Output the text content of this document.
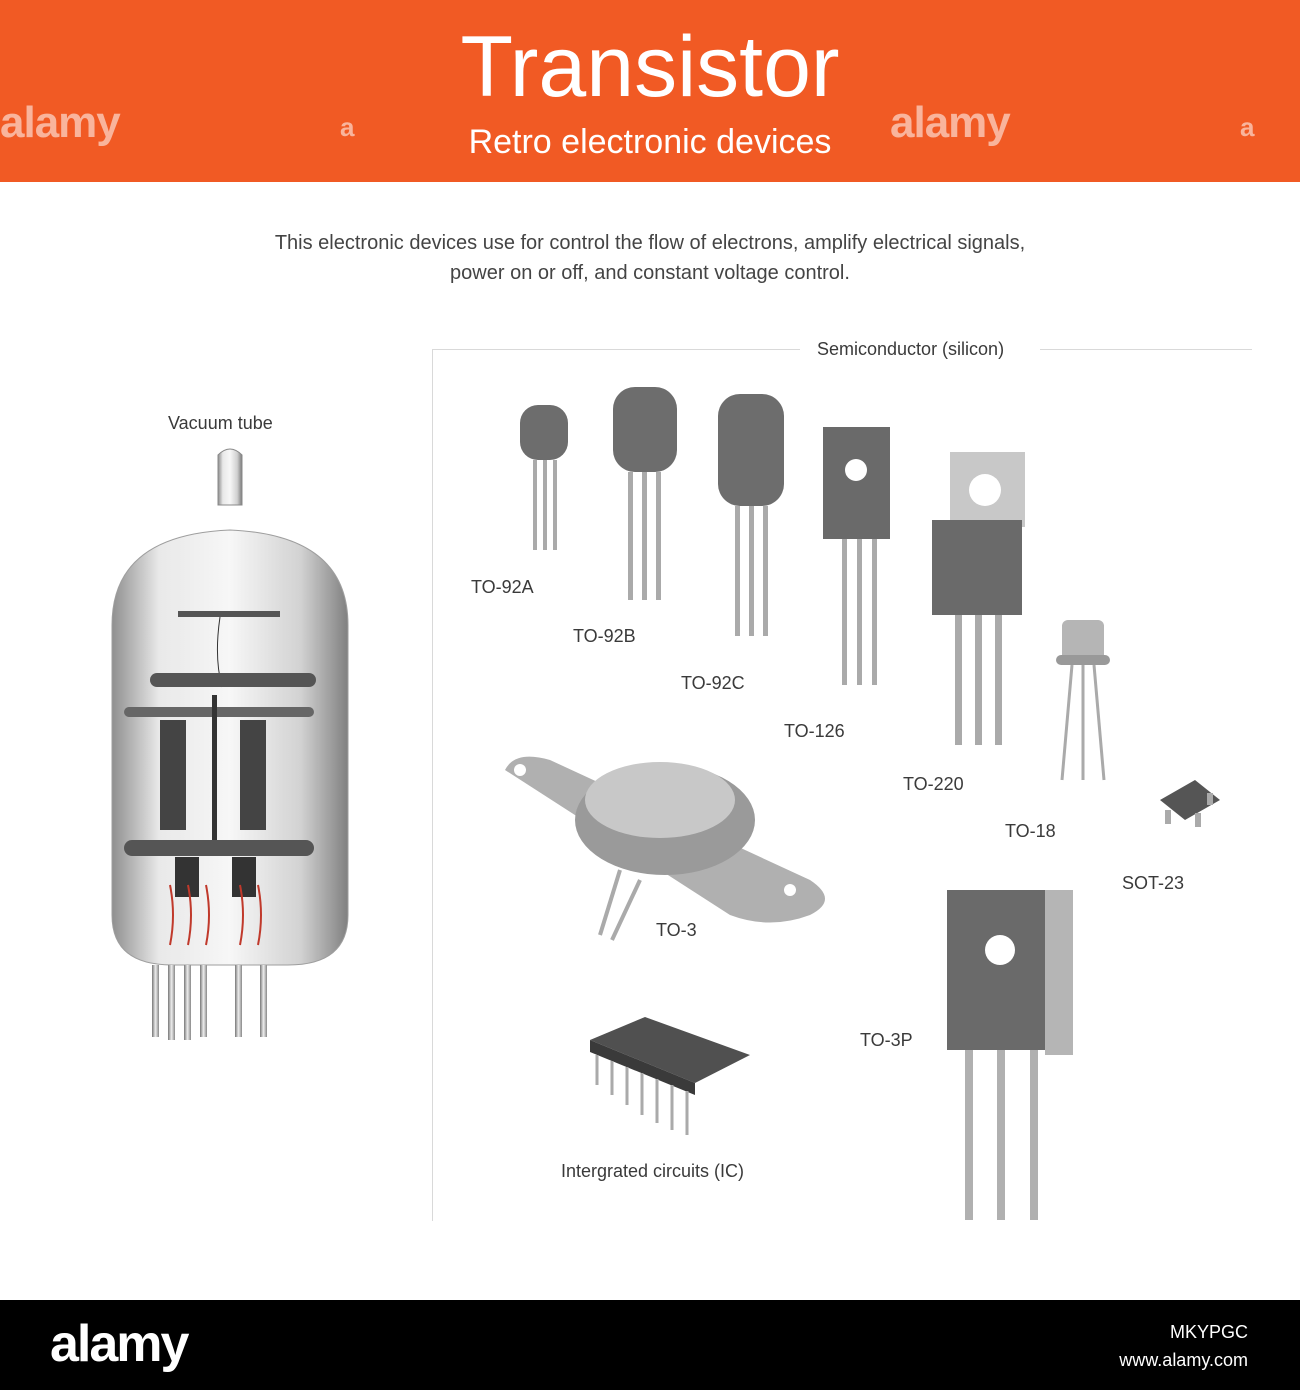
Transistor
Retro electronic devices
alamy	alamy
a	a
This electronic devices use for control the flow of electrons, amplify electrical signals, power on or off, and constant voltage control.
Vacuum tube
Semiconductor (silicon)
TO-92A
TO-92B
TO-92C
TO-126
TO-220
TO-18
SOT-23
TO-3
TO-3P
Intergrated circuits (IC)
alamy	MKYPGC
www.alamy.com
